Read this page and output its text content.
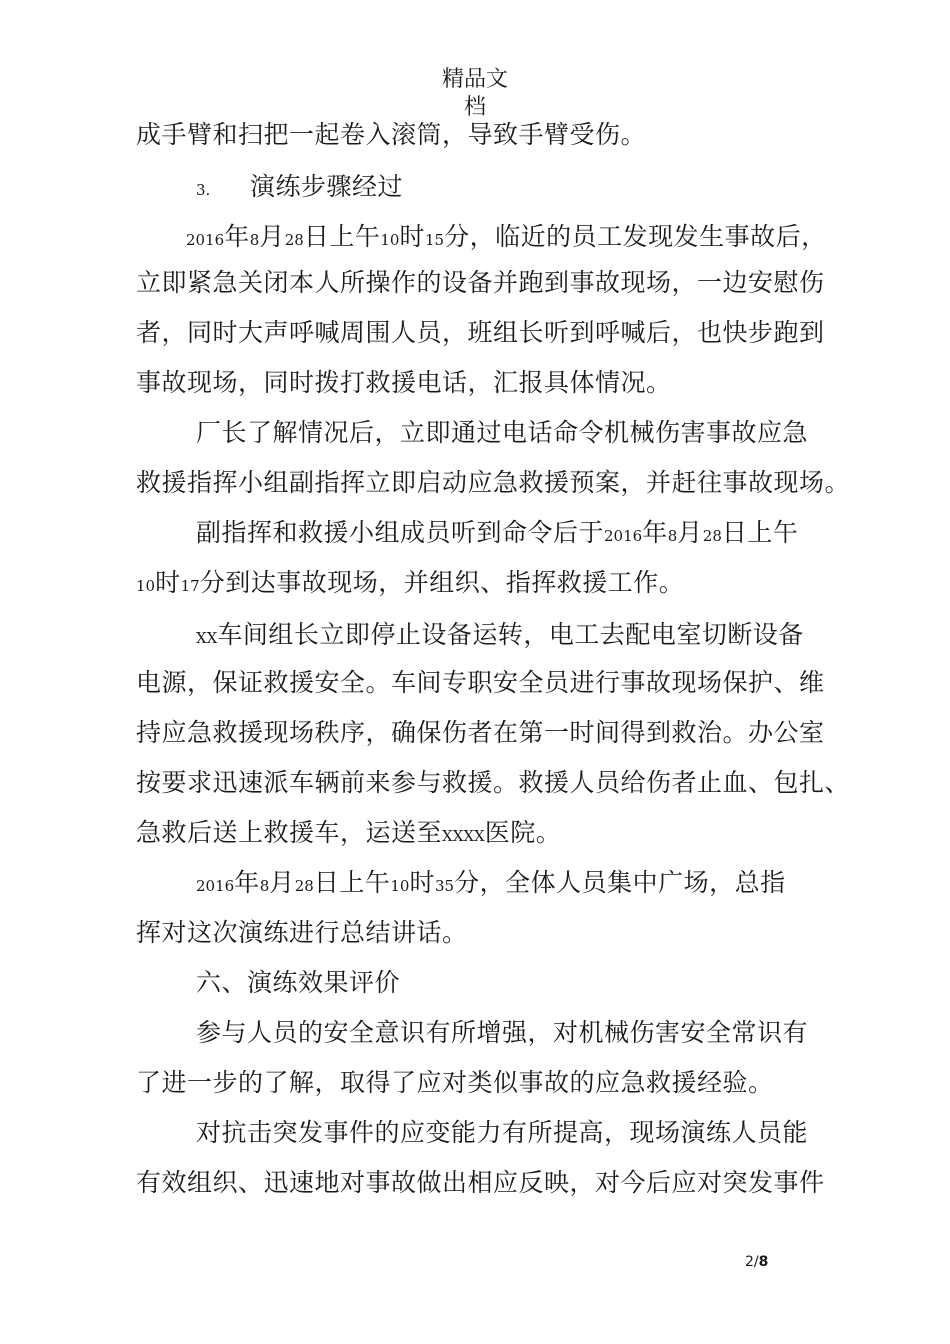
精品文
档
成手臂和扫把一起卷入滚筒，导致手臂受伤。
3. 演练步骤经过
2016年8月28日上午10时15分，临近的员工发现发生事故后，
立即紧急关闭本人所操作的设备并跑到事故现场，一边安慰伤
者，同时大声呼喊周围人员，班组长听到呼喊后，也快步跑到
事故现场，同时拨打救援电话，汇报具体情况。
厂长了解情况后，立即通过电话命令机械伤害事故应急
救援指挥小组副指挥立即启动应急救援预案，并赶往事故现场。
副指挥和救援小组成员听到命令后于2016年8月28日上午
10时17分到达事故现场，并组织、指挥救援工作。
XX车间组长立即停止设备运转，电工去配电室切断设备
电源，保证救援安全。车间专职安全员进行事故现场保护、维
持应急救援现场秩序，确保伤者在第一时间得到救治。办公室
按要求迅速派车辆前来参与救援。救援人员给伤者止血、包扎、
急救后送上救援车，运送至XXXX医院。
2016年8月28日上午10时35分，全体人员集中广场，总指
挥对这次演练进行总结讲话。
六、演练效果评价
参与人员的安全意识有所增强，对机械伤害安全常识有
了进一步的了解，取得了应对类似事故的应急救援经验。
对抗击突发事件的应变能力有所提高，现场演练人员能
有效组织、迅速地对事故做出相应反映，对今后应对突发事件
2/8
